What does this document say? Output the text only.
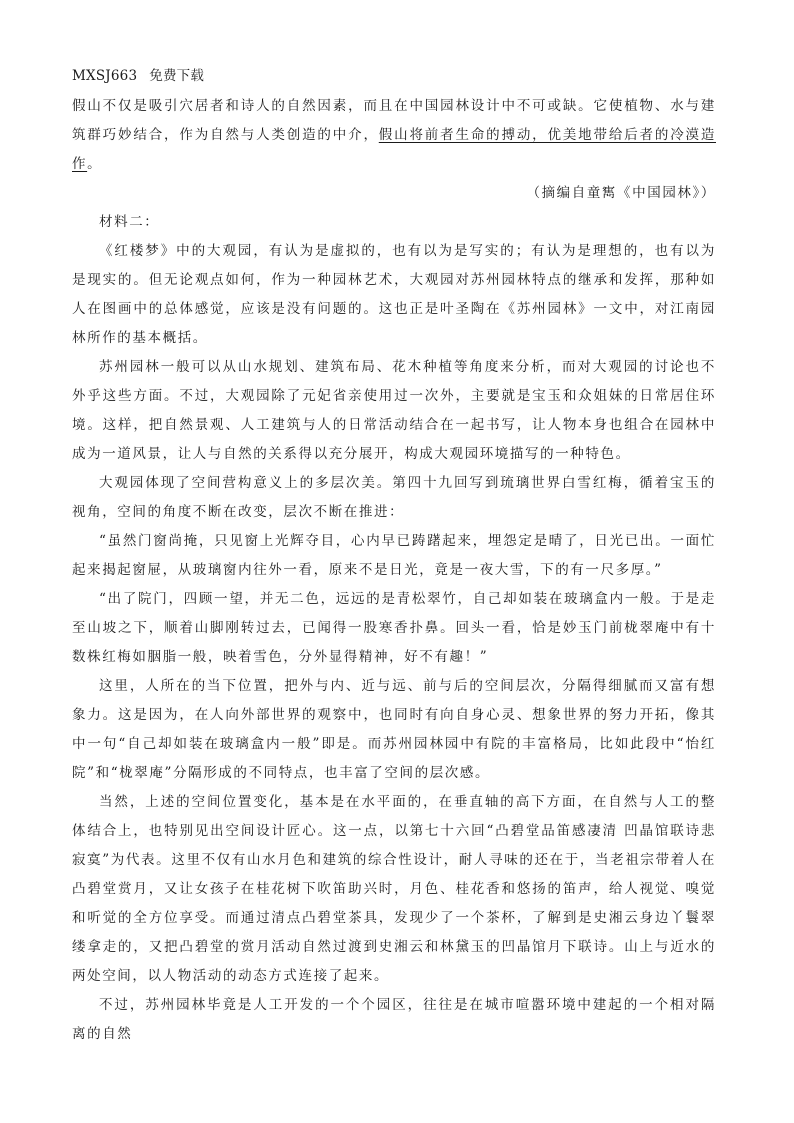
MXSJ663 免费下载

假山不仅是吸引穴居者和诗人的自然因素，而且在中国园林设计中不可或缺。它使植物、水与建筑群巧妙结合，作为自然与人类创造的中介，假山将前者生命的搏动，优美地带给后者的冷漠造作。

（摘编自童寯《中国园林》）

材料二：

《红楼梦》中的大观园，有认为是虚拟的，也有以为是写实的；有认为是理想的，也有以为是现实的。但无论观点如何，作为一种园林艺术，大观园对苏州园林特点的继承和发挥，那种如人在图画中的总体感觉，应该是没有问题的。这也正是叶圣陶在《苏州园林》一文中，对江南园林所作的基本概括。

苏州园林一般可以从山水规划、建筑布局、花木种植等角度来分析，而对大观园的讨论也不外乎这些方面。不过，大观园除了元妃省亲使用过一次外，主要就是宝玉和众姐妹的日常居住环境。这样，把自然景观、人工建筑与人的日常活动结合在一起书写，让人物本身也组合在园林中成为一道风景，让人与自然的关系得以充分展开，构成大观园环境描写的一种特色。

大观园体现了空间营构意义上的多层次美。第四十九回写到琉璃世界白雪红梅，循着宝玉的视角，空间的角度不断在改变，层次不断在推进：

“虽然门窗尚掩，只见窗上光辉夺目，心内早已踌躇起来，埋怨定是晴了，日光已出。一面忙起来揭起窗屉，从玻璃窗内往外一看，原来不是日光，竟是一夜大雪，下的有一尺多厚。”

“出了院门，四顾一望，并无二色，远远的是青松翠竹，自己却如装在玻璃盒内一般。于是走至山坡之下，顺着山脚刚转过去，已闻得一股寒香扑鼻。回头一看，恰是妙玉门前栊翠庵中有十数株红梅如胭脂一般，映着雪色，分外显得精神，好不有趣！”

这里，人所在的当下位置，把外与内、近与远、前与后的空间层次，分隔得细腻而又富有想象力。这是因为，在人向外部世界的观察中，也同时有向自身心灵、想象世界的努力开拓，像其中一句“自己却如装在玻璃盒内一般”即是。而苏州园林园中有院的丰富格局，比如此段中“怡红院”和“栊翠庵”分隔形成的不同特点，也丰富了空间的层次感。

当然，上述的空间位置变化，基本是在水平面的，在垂直轴的高下方面，在自然与人工的整体结合上，也特别见出空间设计匠心。这一点，以第七十六回“凸碧堂品笛感凄清 凹晶馆联诗悲寂寞”为代表。这里不仅有山水月色和建筑的综合性设计，耐人寻味的还在于，当老祖宗带着人在凸碧堂赏月，又让女孩子在桂花树下吹笛助兴时，月色、桂花香和悠扬的笛声，给人视觉、嗅觉和听觉的全方位享受。而通过清点凸碧堂茶具，发现少了一个茶杯，了解到是史湘云身边丫鬟翠缕拿走的，又把凸碧堂的赏月活动自然过渡到史湘云和林黛玉的凹晶馆月下联诗。山上与近水的两处空间，以人物活动的动态方式连接了起来。

不过，苏州园林毕竟是人工开发的一个个园区，往往是在城市喧嚣环境中建起的一个相对隔离的自然
